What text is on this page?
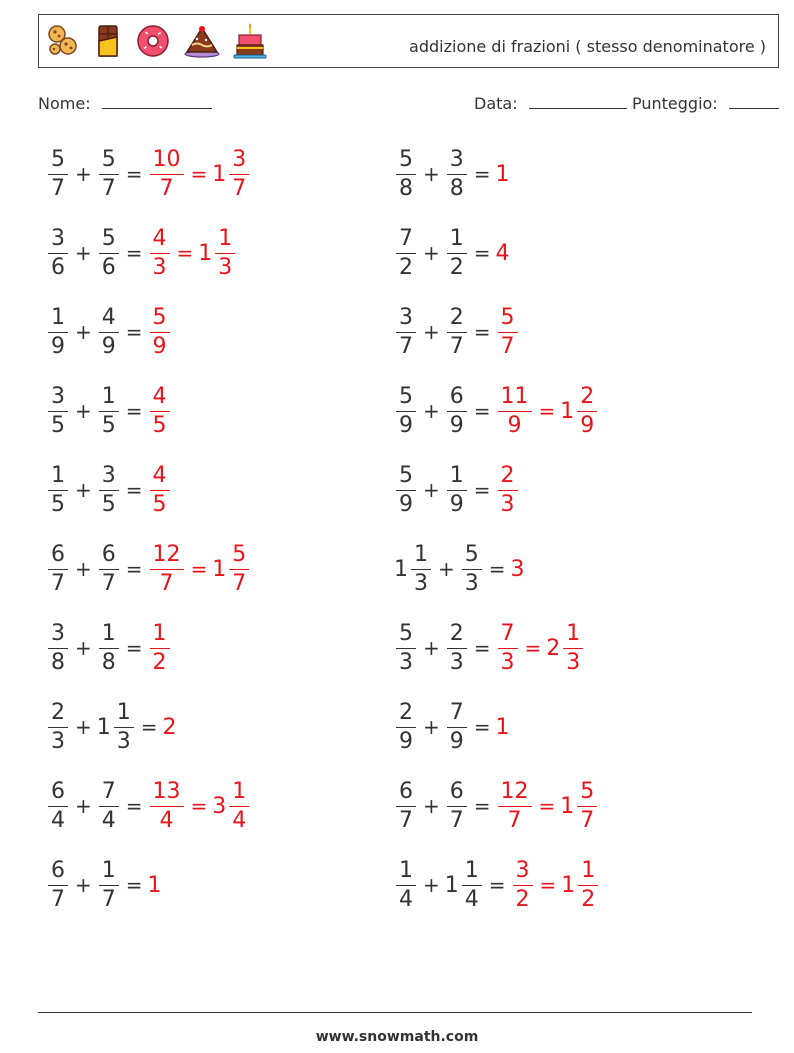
addizione di frazioni ( stesso denominatore )
Nome:	Data:	Punteggio:
$\frac{5}{7} + \frac{5}{7} = \frac{10}{7} = 1 \frac{3}{7}$
$\frac{3}{6} + \frac{5}{6} = \frac{4}{3} = 1 \frac{1}{3}$
$\frac{1}{9} + \frac{4}{9} = \frac{5}{9}$
$\frac{3}{5} + \frac{1}{5} = \frac{4}{5}$
$\frac{1}{5} + \frac{3}{5} = \frac{4}{5}$
$\frac{6}{7} + \frac{6}{7} = \frac{12}{7} = 1 \frac{5}{7}$
$\frac{3}{8} + \frac{1}{8} = \frac{1}{2}$
$\frac{2}{3} + 1 \frac{1}{3} = 2$
$\frac{6}{4} + \frac{7}{4} = \frac{13}{4} = 3 \frac{1}{4}$
$\frac{6}{7} + \frac{1}{7} = 1$
$\frac{5}{8} + \frac{3}{8} = 1$
$\frac{7}{2} + \frac{1}{2} = 4$
$\frac{3}{7} + \frac{2}{7} = \frac{5}{7}$
$\frac{5}{9} + \frac{6}{9} = \frac{11}{9} = 1 \frac{2}{9}$
$\frac{5}{9} + \frac{1}{9} = \frac{2}{3}$
$1 \frac{1}{3} + \frac{5}{3} = 3$
$\frac{5}{3} + \frac{2}{3} = \frac{7}{3} = 2 \frac{1}{3}$
$\frac{2}{9} + \frac{7}{9} = 1$
$\frac{6}{7} + \frac{6}{7} = \frac{12}{7} = 1 \frac{5}{7}$
$\frac{1}{4} + 1 \frac{1}{4} = \frac{3}{2} = 1 \frac{1}{2}$
www.snowmath.com
